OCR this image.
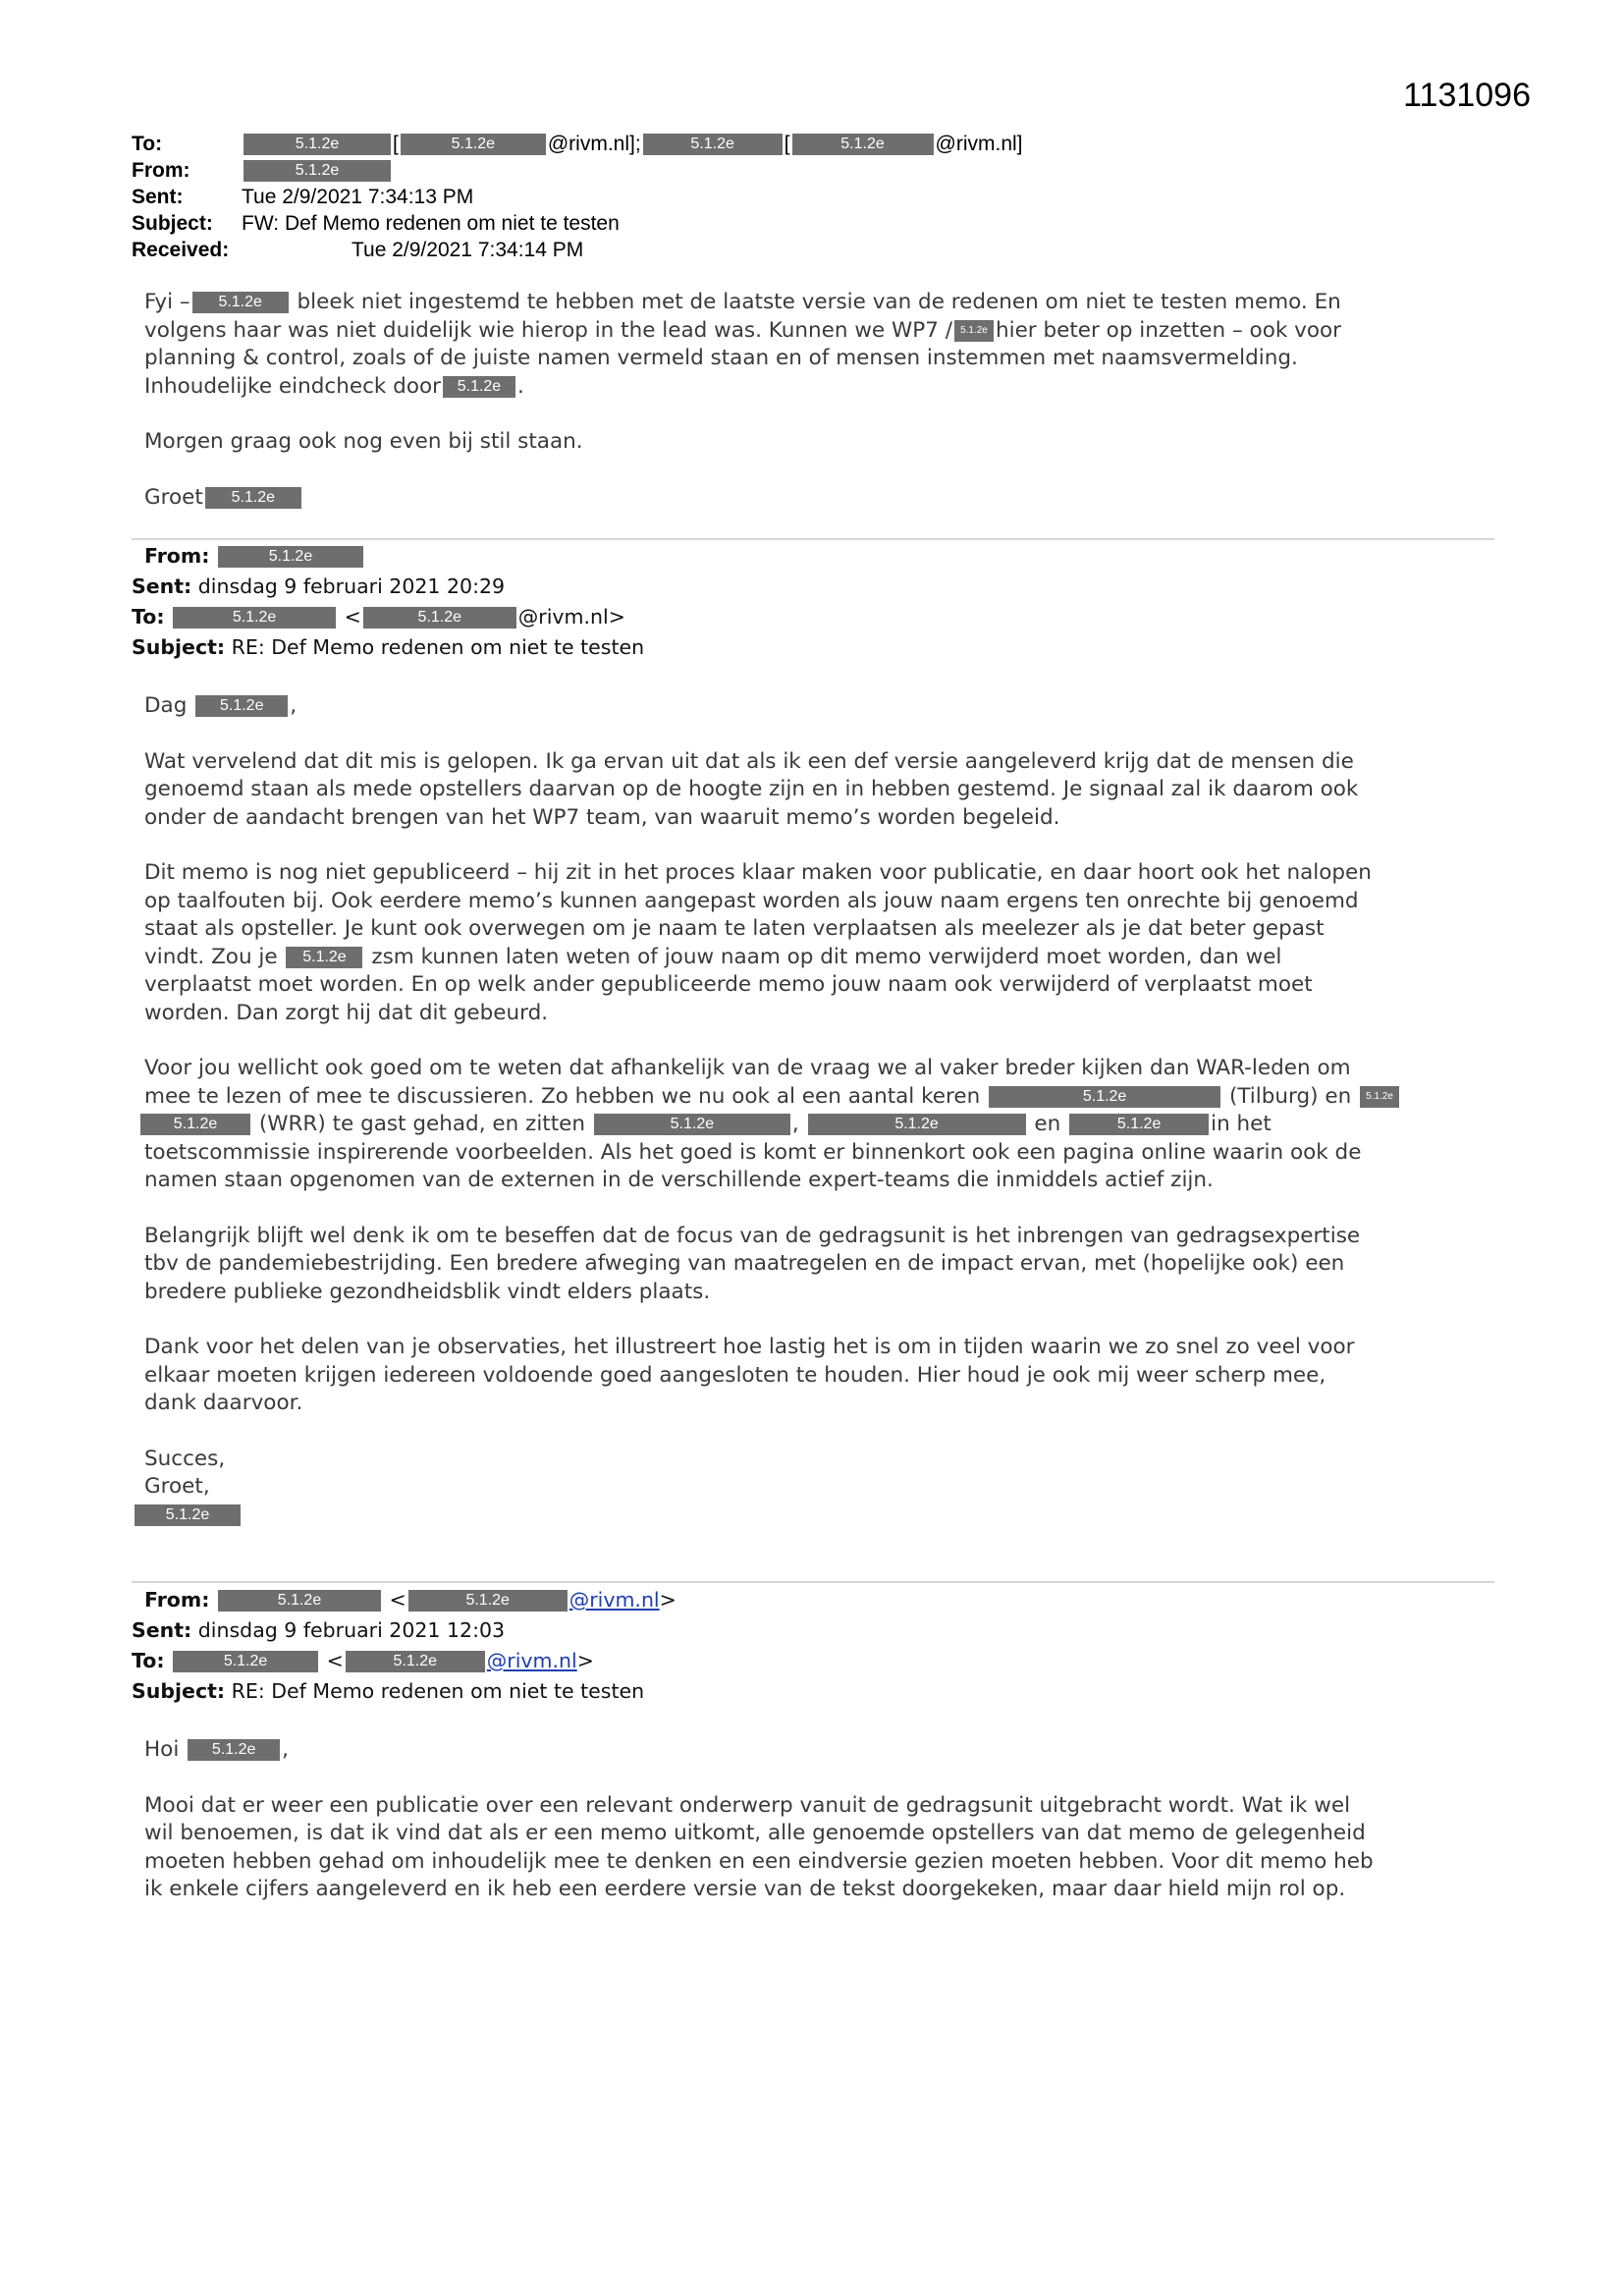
1131096
To:	5.1.2e	[	5.1.2e	@rivm.nl];	5.1.2e [	5.1.2e @rivm.nl]
From:	5.1.2e
Sent:	Tue 2/9/2021 7:34:13 PM
Subject: FW: Def Memo redenen om niet te testen
Received:	Tue 2/9/2021 7:34:14 PM

Fyi – 5.1.2e bleek niet ingestemd te hebben met de laatste versie van de redenen om niet te testen memo. En
volgens haar was niet duidelijk wie hierop in the lead was. Kunnen we WP7 / 5.1.2e hier beter op inzetten – ook voor
planning & control, zoals of de juiste namen vermeld staan en of mensen instemmen met naamsvermelding.
Inhoudelijke eindcheck door 5.1.2e .

Morgen graag ook nog even bij stil staan.

Groet 5.1.2e

From:	5.1.2e
Sent: dinsdag 9 februari 2021 20:29
To:	5.1.2e	<	5.1.2e	@rivm.nl>
Subject: RE: Def Memo redenen om niet te testen

Dag 5.1.2e ,

Wat vervelend dat dit mis is gelopen. Ik ga ervan uit dat als ik een def versie aangeleverd krijg dat de mensen die
genoemd staan als mede opstellers daarvan op de hoogte zijn en in hebben gestemd. Je signaal zal ik daarom ook
onder de aandacht brengen van het WP7 team, van waaruit memo’s worden begeleid.

Dit memo is nog niet gepubliceerd – hij zit in het proces klaar maken voor publicatie, en daar hoort ook het nalopen
op taalfouten bij. Ook eerdere memo’s kunnen aangepast worden als jouw naam ergens ten onrechte bij genoemd
staat als opsteller. Je kunt ook overwegen om je naam te laten verplaatsen als meelezer als je dat beter gepast
vindt. Zou je 5.1.2e zsm kunnen laten weten of jouw naam op dit memo verwijderd moet worden, dan wel
verplaatst moet worden. En op welk ander gepubliceerde memo jouw naam ook verwijderd of verplaatst moet
worden. Dan zorgt hij dat dit gebeurd.

Voor jou wellicht ook goed om te weten dat afhankelijk van de vraag we al vaker breder kijken dan WAR-leden om
mee te lezen of mee te discussieren. Zo hebben we nu ook al een aantal keren	5.1.2e	(Tilburg) en 5.1.2e
5.1.2e (WRR) te gast gehad, en zitten	5.1.2e	,	5.1.2e	en	5.1.2e in het
toetscommissie inspirerende voorbeelden. Als het goed is komt er binnenkort ook een pagina online waarin ook de
namen staan opgenomen van de externen in de verschillende expert-teams die inmiddels actief zijn.

Belangrijk blijft wel denk ik om te beseffen dat de focus van de gedragsunit is het inbrengen van gedragsexpertise
tbv de pandemiebestrijding. Een bredere afweging van maatregelen en de impact ervan, met (hopelijke ook) een
bredere publieke gezondheidsblik vindt elders plaats.

Dank voor het delen van je observaties, het illustreert hoe lastig het is om in tijden waarin we zo snel zo veel voor
elkaar moeten krijgen iedereen voldoende goed aangesloten te houden. Hier houd je ook mij weer scherp mee,
dank daarvoor.

Succes,
Groet,
5.1.2e

From:	5.1.2e	<	5.1.2e	@rivm.nl>
Sent: dinsdag 9 februari 2021 12:03
To:	5.1.2e	<	5.1.2e @rivm.nl>
Subject: RE: Def Memo redenen om niet te testen

Hoi 5.1.2e ,

Mooi dat er weer een publicatie over een relevant onderwerp vanuit de gedragsunit uitgebracht wordt. Wat ik wel
wil benoemen, is dat ik vind dat als er een memo uitkomt, alle genoemde opstellers van dat memo de gelegenheid
moeten hebben gehad om inhoudelijk mee te denken en een eindversie gezien moeten hebben. Voor dit memo heb
ik enkele cijfers aangeleverd en ik heb een eerdere versie van de tekst doorgekeken, maar daar hield mijn rol op.
